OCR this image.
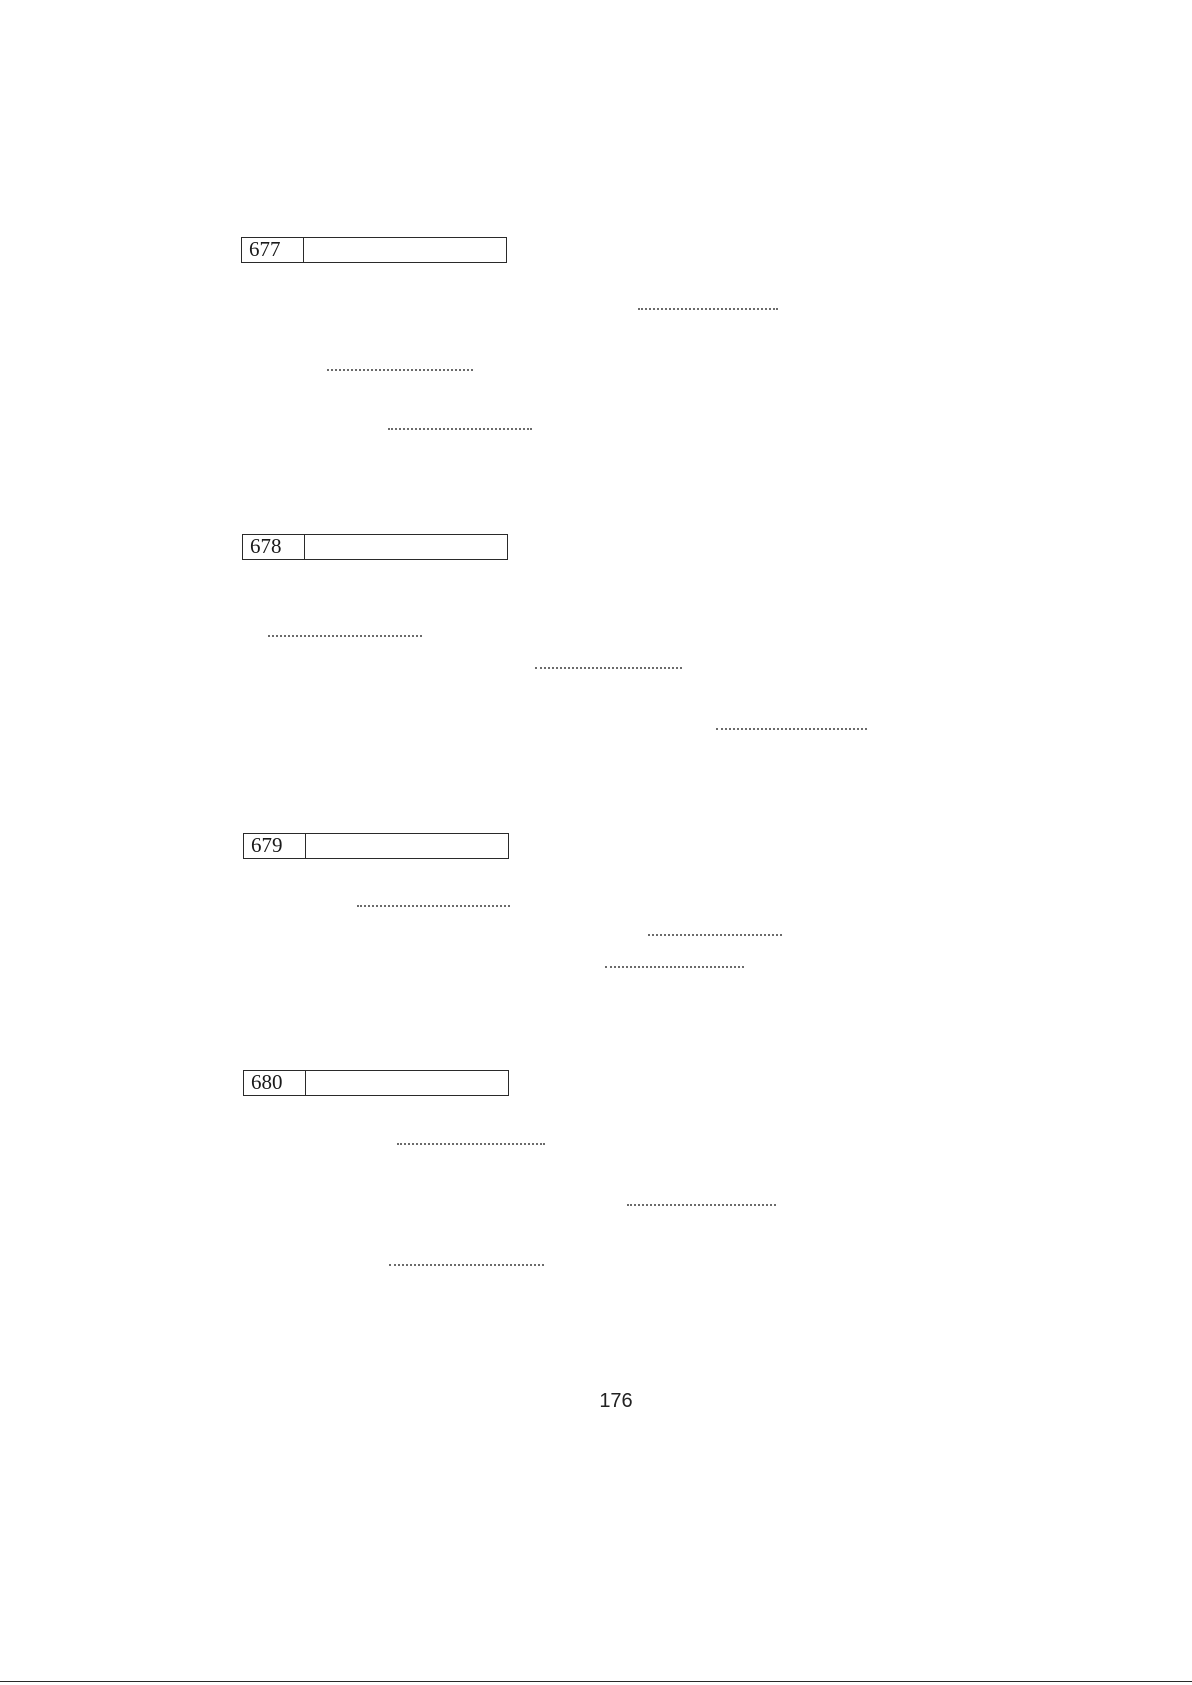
677
678
679
680
176
